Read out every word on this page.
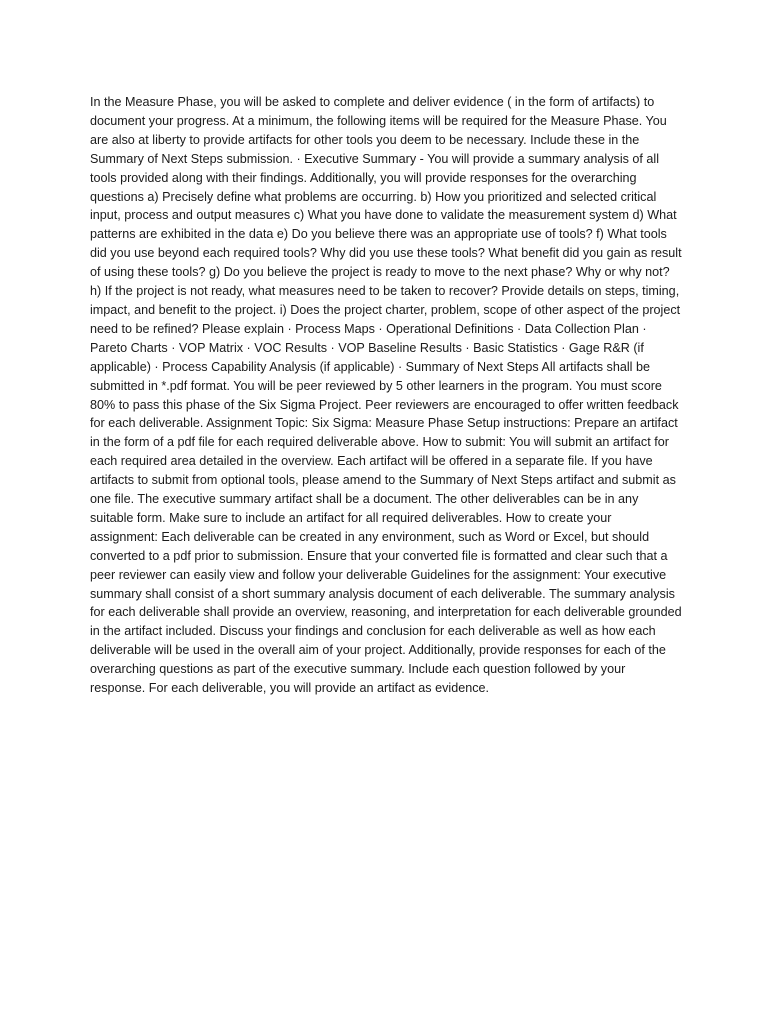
In the Measure Phase, you will be asked to complete and deliver evidence ( in the form of artifacts) to document your progress. At a minimum, the following items will be required for the Measure Phase. You are also at liberty to provide artifacts for other tools you deem to be necessary. Include these in the Summary of Next Steps submission. · Executive Summary - You will provide a summary analysis of all tools provided along with their findings. Additionally, you will provide responses for the overarching questions a) Precisely define what problems are occurring. b) How you prioritized and selected critical input, process and output measures c) What you have done to validate the measurement system d) What patterns are exhibited in the data e) Do you believe there was an appropriate use of tools? f) What tools did you use beyond each required tools? Why did you use these tools? What benefit did you gain as result of using these tools? g) Do you believe the project is ready to move to the next phase? Why or why not? h) If the project is not ready, what measures need to be taken to recover? Provide details on steps, timing, impact, and benefit to the project. i) Does the project charter, problem, scope of other aspect of the project need to be refined? Please explain · Process Maps · Operational Definitions · Data Collection Plan · Pareto Charts · VOP Matrix · VOC Results · VOP Baseline Results · Basic Statistics · Gage R&R (if applicable) · Process Capability Analysis (if applicable) · Summary of Next Steps All artifacts shall be submitted in *.pdf format. You will be peer reviewed by 5 other learners in the program. You must score 80% to pass this phase of the Six Sigma Project. Peer reviewers are encouraged to offer written feedback for each deliverable. Assignment Topic: Six Sigma: Measure Phase Setup instructions: Prepare an artifact in the form of a pdf file for each required deliverable above. How to submit: You will submit an artifact for each required area detailed in the overview. Each artifact will be offered in a separate file. If you have artifacts to submit from optional tools, please amend to the Summary of Next Steps artifact and submit as one file. The executive summary artifact shall be a document. The other deliverables can be in any suitable form. Make sure to include an artifact for all required deliverables. How to create your assignment: Each deliverable can be created in any environment, such as Word or Excel, but should converted to a pdf prior to submission. Ensure that your converted file is formatted and clear such that a peer reviewer can easily view and follow your deliverable Guidelines for the assignment: Your executive summary shall consist of a short summary analysis document of each deliverable. The summary analysis for each deliverable shall provide an overview, reasoning, and interpretation for each deliverable grounded in the artifact included. Discuss your findings and conclusion for each deliverable as well as how each deliverable will be used in the overall aim of your project. Additionally, provide responses for each of the overarching questions as part of the executive summary. Include each question followed by your response. For each deliverable, you will provide an artifact as evidence.
